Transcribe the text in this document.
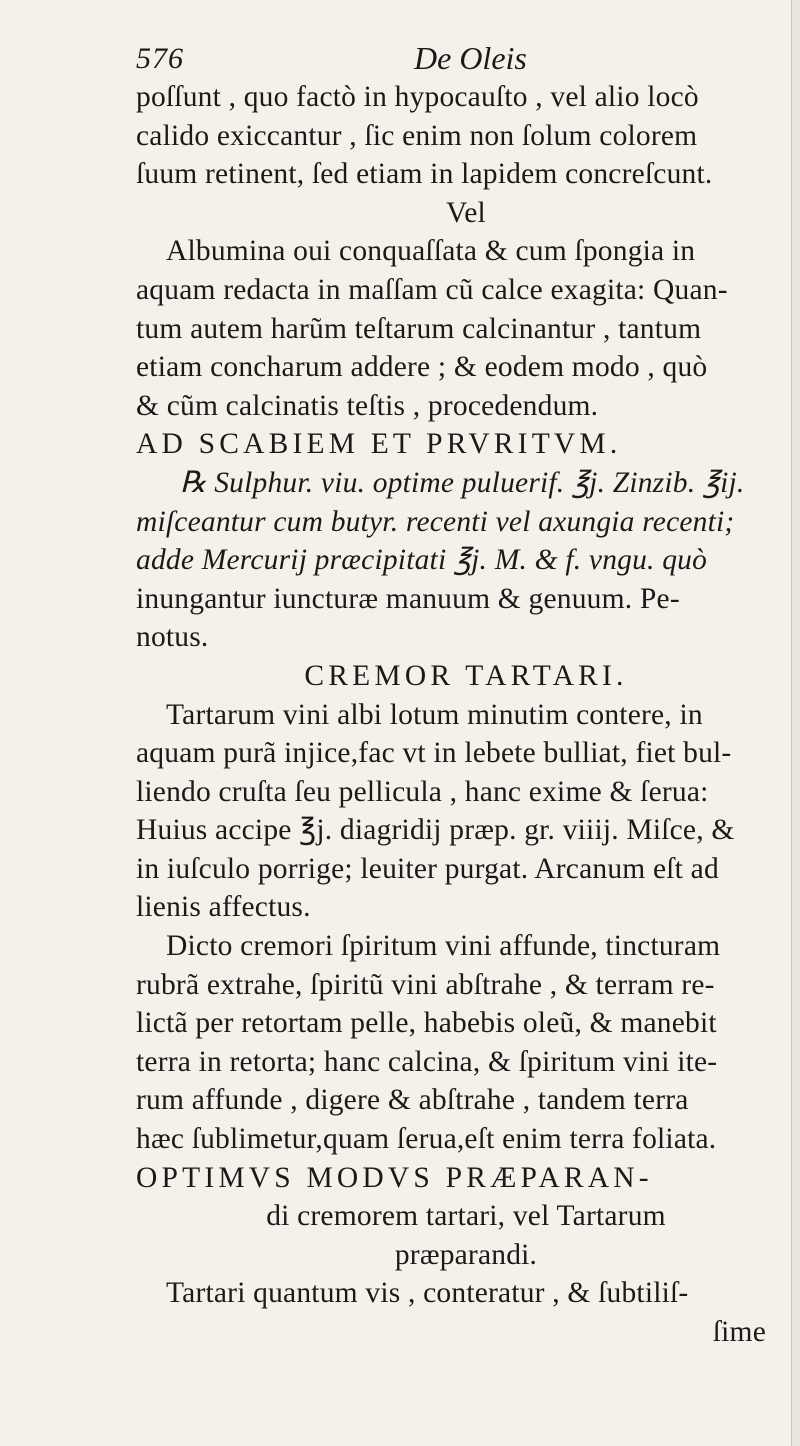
576	De Oleis
poſſunt , quo factò in hypocauſto , vel alio locò
calido exiccantur , ſic enim non ſolum colorem
ſuum retinent, ſed etiam in lapidem concreſcunt.
Vel
Albumina oui conquaſſata & cum ſpongia in
aquam redacta in maſſam cũ calce exagita: Quan-
tum autem harũm teſtarum calcinantur , tantum
etiam concharum addere ; & eodem modo , quò
& cũm calcinatis teſtis , procedendum.
AD SCABIEM ET PRVRITVM.
℞ Sulphur. viu. optime puluerif. ℥j. Zinzib. ℥ij.
miſceantur cum butyr. recenti vel axungia recenti;
adde Mercurij præcipitati ℥j. M. & f. vngu. quò
inungantur iuncturæ manuum & genuum. Pe-
notus.
CREMOR TARTARI.
Tartarum vini albi lotum minutim contere, in
aquam purã injice,fac vt in lebete bulliat, fiet bul-
liendo cruſta ſeu pellicula , hanc exime & ſerua:
Huius accipe ℥j. diagridij præp. gr. viiij. Miſce, &
in iuſculo porrige; leuiter purgat. Arcanum eſt ad
lienis affectus.
Dicto cremori ſpiritum vini affunde, tincturam
rubrã extrahe, ſpiritũ vini abſtrahe , & terram re-
lictã per retortam pelle, habebis oleũ, & manebit
terra in retorta; hanc calcina, & ſpiritum vini ite-
rum affunde , digere & abſtrahe , tandem terra
hæc ſublimetur,quam ſerua,eſt enim terra foliata.
OPTIMVS MODVS PRÆPARAN-
di cremorem tartari, vel Tartarum
præparandi.
Tartari quantum vis , conteratur , & ſubtiliſ-
ſime
